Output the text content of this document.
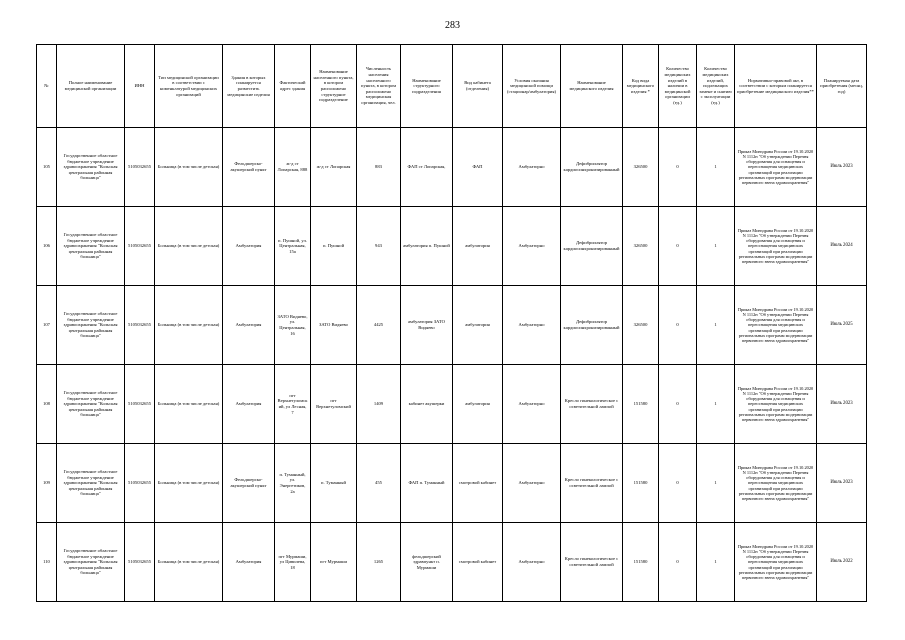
283
№	Полное наименование медицинской организации	ИНН	Тип медицинской организации в соответствии с номенклатурой медицинских организаций	Здания в которых планируется разместить медицинские изделия	Фактический адрес здания	Наименование населенного пункта, в котором расположено структурное подразделение	Численность населения населенного пункта, в котором расположено медицинская организация, чел.	Наименование структурного подразделения	Вид кабинета (отделения)	Условия оказания медицинской помощи (стационар/амбулатория)	Наименование медицинского изделия	Код вида медицинского изделия *	Количество медицинских изделий в наличии в медицинской организации (ед.)	Количество медицинских изделий, подлежащих замене и снятию с эксплуатации (ед.)	Нормативно-правовой акт, в соответствии с которым планируется приобретение медицинского изделия**	Планируемая дата приобретения (месяц, год)
105	Государственное областное бюджетное учреждение здравоохранения "Кольская центральная районная больница"	5105032655	Больница (в том числе детская)	Фельдшерско-акушерский пункт	ж-д ст Лопарская, 888	ж-д ст Лопарская	883	ФАП ст Лопарская,	ФАП	Амбулаторно	Дефибриллятор кардиосинхронизированный	326500	0	1	Приказ Минздрава России от 19.10.2020 N 1112н "Об утверждении Перечня оборудования для оснащения и переоснащения медицинских организаций при реализации региональных программ модернизации первичного звена здравоохранения"	Июль 2023
106	Государственное областное бюджетное учреждение здравоохранения "Кольская центральная районная больница"	5105032655	Больница (в том числе детская)	Амбулатория	п. Пушной, ул. Центральная, 15а	п. Пушной	943	амбулатория п. Пушной	амбулатория	Амбулаторно	Дефибриллятор кардиосинхронизированный	326500	0	1	Приказ Минздрава России от 19.10.2020 N 1112н "Об утверждении Перечня оборудования для оснащения и переоснащения медицинских организаций при реализации региональных программ модернизации первичного звена здравоохранения"	Июль 2024
107	Государственное областное бюджетное учреждение здравоохранения "Кольская центральная районная больница"	5105032655	Больница (в том числе детская)	Амбулатория	ЗАТО Видяево, ул. Центральная, 16	ЗАТО Видяево	4425	амбулатория ЗАТО Видяево	амбулатория	Амбулаторно	Дефибриллятор кардиосинхронизированный	326500	0	1	Приказ Минздрава России от 19.10.2020 N 1112н "Об утверждении Перечня оборудования для оснащения и переоснащения медицинских организаций при реализации региональных программ модернизации первичного звена здравоохранения"	Июль 2025
108	Государственное областное бюджетное учреждение здравоохранения "Кольская центральная районная больница"	5105032655	Больница (в том числе детская)	Амбулатория	пгт Верхнетуломский, ул Лесная, 7	пгт Верхнетуломский	1409	кабинет акушерки	амбулатория	Амбулаторно	Кресло гинекологическое с осветительной лампой	151580	0	1	Приказ Минздрава России от 19.10.2020 N 1112н "Об утверждении Перечня оборудования для оснащения и переоснащения медицинских организаций при реализации региональных программ модернизации первичного звена здравоохранения"	Июль 2023
109	Государственное областное бюджетное учреждение здравоохранения "Кольская центральная районная больница"	5105032655	Больница (в том числе детская)	Фельдшерско-акушерский пункт	п. Туманный, ул. Энергетиков, 2а	п. Туманный	455	ФАП п. Туманный	смотровой кабинет	Амбулаторно	Кресло гинекологическое с осветительной лампой	151580	0	1	Приказ Минздрава России от 19.10.2020 N 1112н "Об утверждении Перечня оборудования для оснащения и переоснащения медицинских организаций при реализации региональных программ модернизации первичного звена здравоохранения"	Июль 2023
110	Государственное областное бюджетное учреждение здравоохранения "Кольская центральная районная больница"	5105032655	Больница (в том числе детская)	Амбулатория	пгт Мурмаши, ул Цивилева, 18	пгт Мурмаши	1265	фельдшерский здравпункт п. Мурмаши	смотровой кабинет	Амбулаторно	Кресло гинекологическое с осветительной лампой	151580	0	1	Приказ Минздрава России от 19.10.2020 N 1112н "Об утверждении Перечня оборудования для оснащения и переоснащения медицинских организаций при реализации региональных программ модернизации первичного звена здравоохранения"	Июль 2022
